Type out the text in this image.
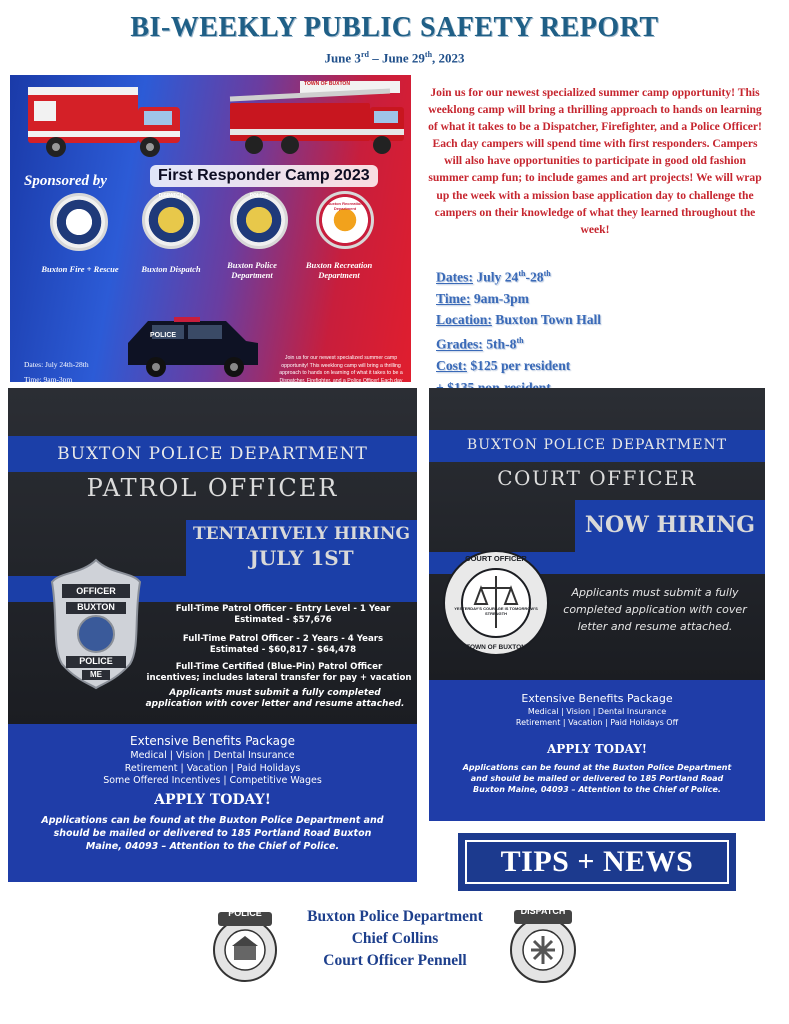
BI-WEEKLY PUBLIC SAFETY REPORT
June 3rd – June 29th, 2023
TOWN OF BUXTON
First Responder Camp 2023
Sponsored by
BUXTON
DISPATCH	POLICE
Buxton Recreation Department
Buxton Fire + Rescue	Buxton Dispatch	Buxton Police Department
Buxton Recreation Department
POLICE
Dates: July 24th-28th
Time: 9am-3pm
Join us for our newest specialized summer camp opportunity! This weeklong camp will bring a thrilling approach to hands on learning of what it takes to be a Dispatcher, Firefighter, and a Police Officer! Each day
Join us for our newest specialized summer camp opportunity! This weeklong camp will bring a thrilling approach to hands on learning of what it takes to be a Dispatcher, Firefighter, and a Police Officer! Each day campers will spend time with first responders. Campers will also have opportunities to participate in good old fashion summer camp fun; to include games and art projects! We will wrap up the week with a mission base application day to challenge the campers on their knowledge of what they learned throughout the week!
Dates: July 24th-28th
Time: 9am-3pm
Location: Buxton Town Hall
Grades: 5th-8th
Cost: $125 per resident
BUXTON POLICE DEPARTMENT
PATROL OFFICER
TENTATIVELY HIRING
JULY 1ST
OFFICER
BUXTON
POLICE
ME
Full-Time Patrol Officer - Entry Level - 1 Year
Estimated - $57,676
Full-Time Patrol Officer - 2 Years - 4 Years
Estimated - $60,817 - $64,478
Full-Time Certified (Blue-Pin) Patrol Officer
incentives; includes lateral transfer for pay + vacation
Applicants must submit a fully completed application with cover letter and resume attached.
Extensive Benefits Package
Medical | Vision | Dental Insurance
Retirement | Vacation | Paid Holidays
Some Offered Incentives | Competitive Wages
APPLY TODAY!
Applications can be found at the Buxton Police Department and should be mailed or delivered to 185 Portland Road Buxton Maine, 04093 – Attention to the Chief of Police.
BUXTON POLICE DEPARTMENT
COURT OFFICER
NOW HIRING
COURT OFFICER
YESTERDAY'S COURAGE IS TOMORROW'S STRENGTH
TOWN OF BUXTON
Applicants must submit a fully completed application with cover letter and resume attached.
Extensive Benefits Package
Medical | Vision | Dental Insurance
Retirement | Vacation | Paid Holidays Off
APPLY TODAY!
Applications can be found at the Buxton Police Department and should be mailed or delivered to 185 Portland Road Buxton Maine, 04093 – Attention to the Chief of Police.
TIPS + NEWS
POLICE	Buxton Police Department
Chief Collins
Court Officer Pennell
DISPATCH
